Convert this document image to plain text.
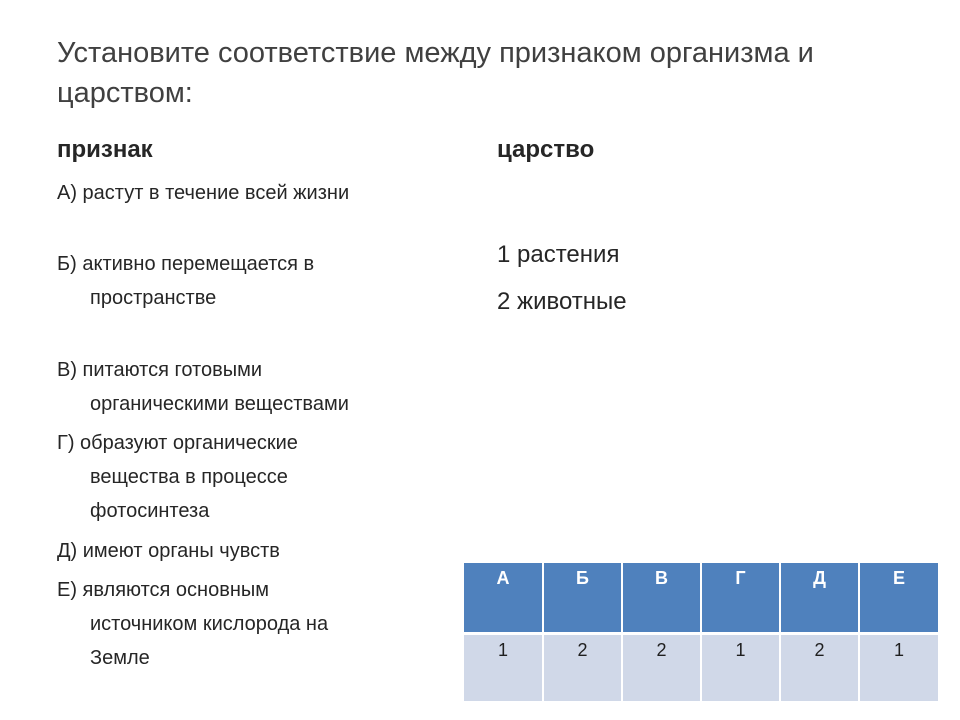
Установите соответствие между признаком организма и царством:
признак	царство
А) растут в течение всей жизни
Б) активно перемещается в
пространстве
В) питаются готовыми
органическими веществами
Г) образуют органические
вещества в процессе
фотосинтеза
Д) имеют органы чувств
Е) являются основным
источником кислорода на
Земле
1 растения
2 животные
А	Б	В	Г	Д	Е
1	2	2	1	2	1
